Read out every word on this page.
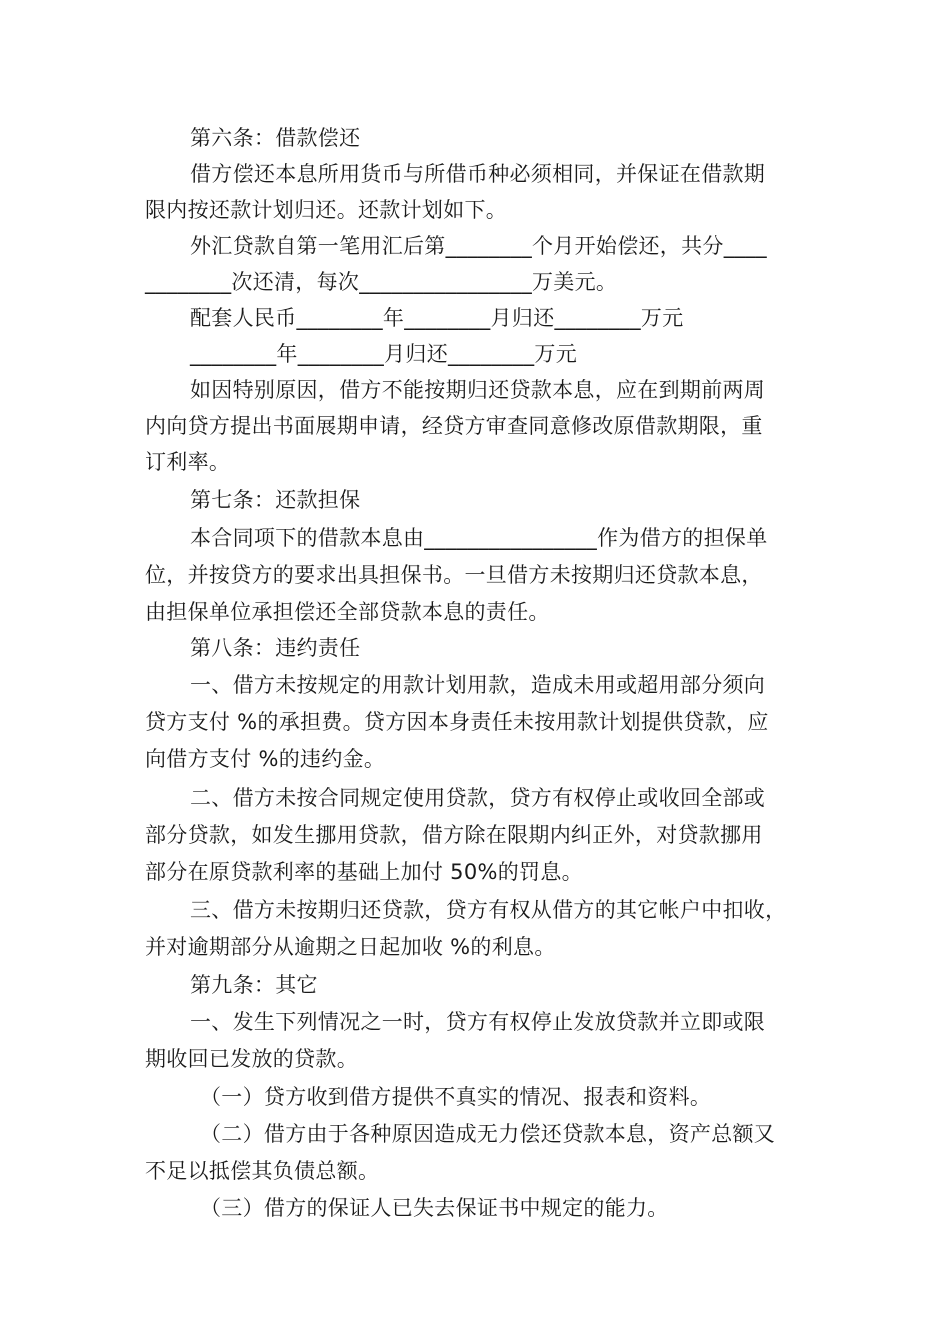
第六条：借款偿还
借方偿还本息所用货币与所借币种必须相同，并保证在借款期
限内按还款计划归还。还款计划如下。
外汇贷款自第一笔用汇后第________个月开始偿还，共分____
________次还清，每次________________万美元。
配套人民币________年________月归还________万元
________年________月归还________万元
如因特别原因，借方不能按期归还贷款本息，应在到期前两周
内向贷方提出书面展期申请，经贷方审查同意修改原借款期限，重
订利率。
第七条：还款担保
本合同项下的借款本息由________________作为借方的担保单
位，并按贷方的要求出具担保书。一旦借方未按期归还贷款本息，
由担保单位承担偿还全部贷款本息的责任。
第八条：违约责任
一、借方未按规定的用款计划用款，造成未用或超用部分须向
贷方支付 %的承担费。贷方因本身责任未按用款计划提供贷款，应
向借方支付 %的违约金。
二、借方未按合同规定使用贷款，贷方有权停止或收回全部或
部分贷款，如发生挪用贷款，借方除在限期内纠正外，对贷款挪用
部分在原贷款利率的基础上加付 50%的罚息。
三、借方未按期归还贷款，贷方有权从借方的其它帐户中扣收，
并对逾期部分从逾期之日起加收 %的利息。
第九条：其它
一、发生下列情况之一时，贷方有权停止发放贷款并立即或限
期收回已发放的贷款。
（一）贷方收到借方提供不真实的情况、报表和资料。
（二）借方由于各种原因造成无力偿还贷款本息，资产总额又
不足以抵偿其负债总额。
（三）借方的保证人已失去保证书中规定的能力。
